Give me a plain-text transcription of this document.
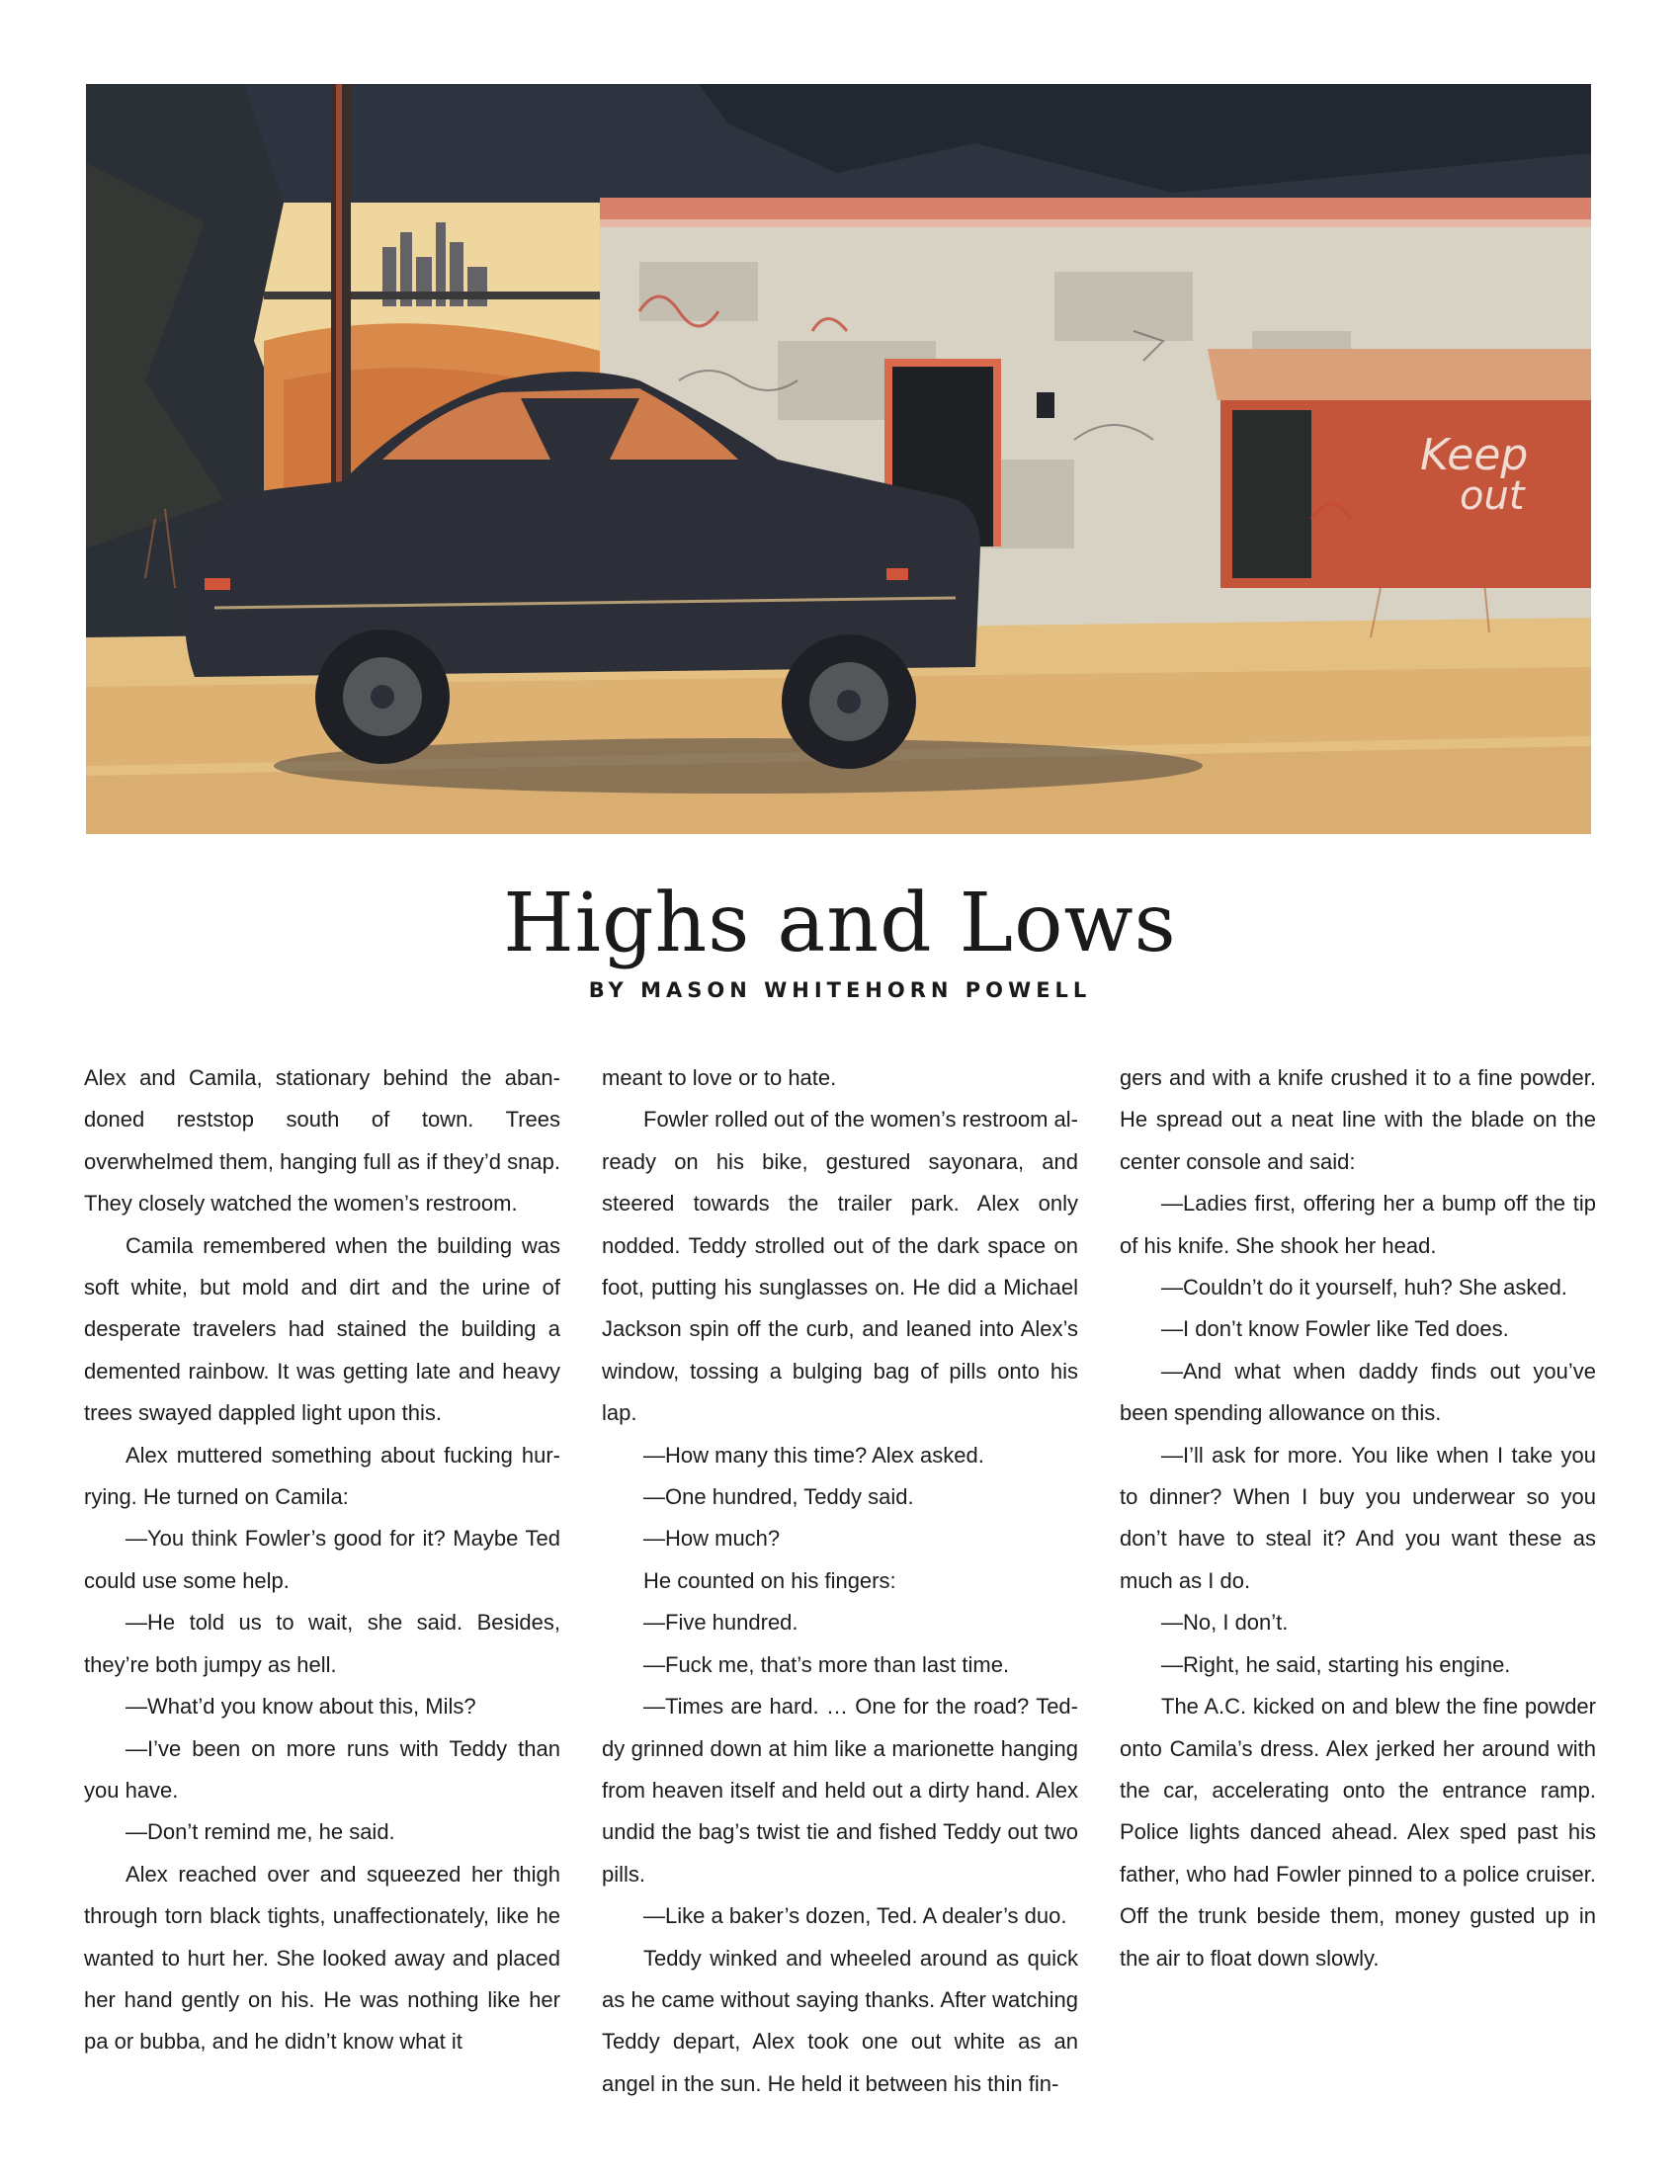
Keep
out
Highs and Lows
BY MASON WHITEHORN POWELL

Alex and Camila, stationary behind the abandoned reststop south of town. Trees overwhelmed them, hanging full as if they’d snap. They closely watched the women’s restroom.

Camila remembered when the building was soft white, but mold and dirt and the urine of desperate travelers had stained the building a demented rainbow. It was getting late and heavy trees swayed dappled light upon this.

Alex muttered something about fucking hurrying. He turned on Camila:

—You think Fowler’s good for it? Maybe Ted could use some help.

—He told us to wait, she said. Besides, they’re both jumpy as hell.

—What’d you know about this, Mils?

—I’ve been on more runs with Teddy than you have.

—Don’t remind me, he said.

Alex reached over and squeezed her thigh through torn black tights, unaffectionately, like he wanted to hurt her. She looked away and placed her hand gently on his. He was nothing like her pa or bubba, and he didn’t know what it

meant to love or to hate.

Fowler rolled out of the women’s restroom already on his bike, gestured sayonara, and steered towards the trailer park. Alex only nodded. Teddy strolled out of the dark space on foot, putting his sunglasses on. He did a Michael Jackson spin off the curb, and leaned into Alex’s window, tossing a bulging bag of pills onto his lap.

—How many this time? Alex asked.

—One hundred, Teddy said.

—How much?

He counted on his fingers:

—Five hundred.

—Fuck me, that’s more than last time.

—Times are hard. … One for the road? Teddy grinned down at him like a marionette hanging from heaven itself and held out a dirty hand. Alex undid the bag’s twist tie and fished Teddy out two pills.

—Like a baker’s dozen, Ted. A dealer’s duo.

Teddy winked and wheeled around as quick as he came without saying thanks. After watching Teddy depart, Alex took one out white as an angel in the sun. He held it between his thin fin-

gers and with a knife crushed it to a fine powder. He spread out a neat line with the blade on the center console and said:

—Ladies first, offering her a bump off the tip of his knife. She shook her head.

—Couldn’t do it yourself, huh? She asked.

—I don’t know Fowler like Ted does.

—And what when daddy finds out you’ve been spending allowance on this.

—I’ll ask for more. You like when I take you to dinner? When I buy you underwear so you don’t have to steal it? And you want these as much as I do.

—No, I don’t.

—Right, he said, starting his engine.

The A.C. kicked on and blew the fine powder onto Camila’s dress. Alex jerked her around with the car, accelerating onto the entrance ramp. Police lights danced ahead. Alex sped past his father, who had Fowler pinned to a police cruiser. Off the trunk beside them, money gusted up in the air to float down slowly.
